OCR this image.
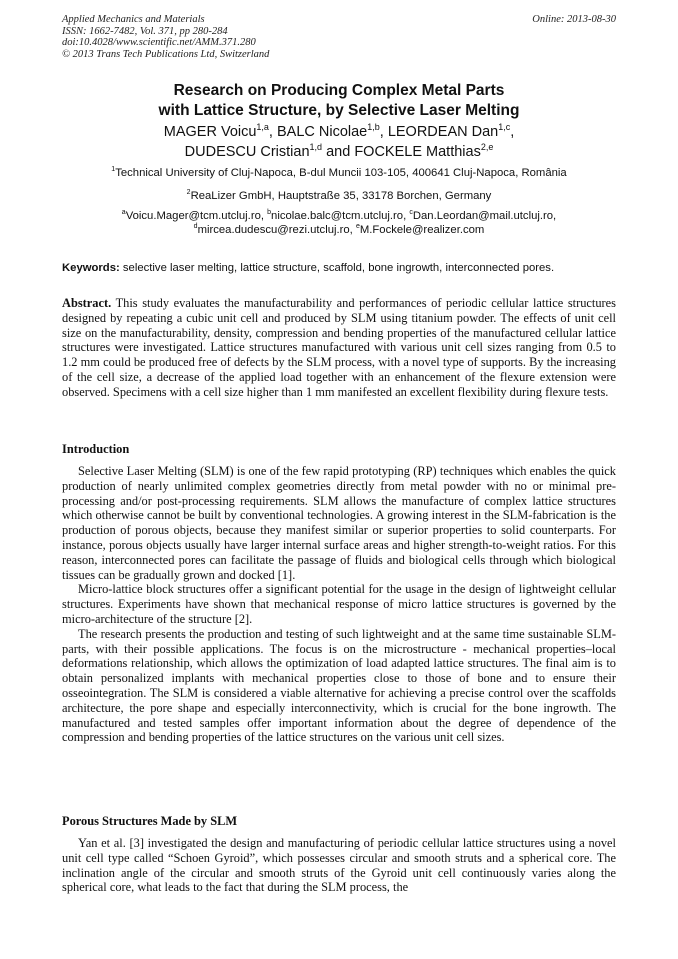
Applied Mechanics and Materials
ISSN: 1662-7482, Vol. 371, pp 280-284
doi:10.4028/www.scientific.net/AMM.371.280
© 2013 Trans Tech Publications Ltd, Switzerland
Online: 2013-08-30
Research on Producing Complex Metal Parts
with Lattice Structure, by Selective Laser Melting
MAGER Voicu$^{1,a}$, BALC Nicolae$^{1,b}$, LEORDEAN Dan$^{1,c}$,
DUDESCU Cristian$^{1,d}$ and FOCKELE Matthias$^{2,e}$
$^1$Technical University of Cluj-Napoca, B-dul Muncii 103-105, 400641 Cluj-Napoca, România
$^2$ReaLizer GmbH, Hauptstraße 35, 33178 Borchen, Germany
$^a$Voicu.Mager@tcm.utcluj.ro, $^b$nicolae.balc@tcm.utcluj.ro, $^c$Dan.Leordan@mail.utcluj.ro,
$^d$mircea.dudescu@rezi.utcluj.ro, $^e$M.Fockele@realizer.com
Keywords: selective laser melting, lattice structure, scaffold, bone ingrowth, interconnected pores.

Abstract. This study evaluates the manufacturability and performances of periodic cellular lattice structures designed by repeating a cubic unit cell and produced by SLM using titanium powder. The effects of unit cell size on the manufacturability, density, compression and bending properties of the manufactured cellular lattice structures were investigated. Lattice structures manufactured with various unit cell sizes ranging from 0.5 to 1.2 mm could be produced free of defects by the SLM process, with a novel type of supports. By the increasing of the cell size, a decrease of the applied load together with an enhancement of the flexure extension were observed. Specimens with a cell size higher than 1 mm manifested an excellent flexibility during flexure tests.

Introduction

Selective Laser Melting (SLM) is one of the few rapid prototyping (RP) techniques which enables the quick production of nearly unlimited complex geometries directly from metal powder with no or minimal pre-processing and/or post-processing requirements. SLM allows the manufacture of complex lattice structures which otherwise cannot be built by conventional technologies. A growing interest in the SLM-fabrication is the production of porous objects, because they manifest similar or superior properties to solid counterparts. For instance, porous objects usually have larger internal surface areas and higher strength-to-weight ratios. For this reason, interconnected pores can facilitate the passage of fluids and biological cells through which biological tissues can be gradually grown and docked [1].

Micro-lattice block structures offer a significant potential for the usage in the design of lightweight cellular structures. Experiments have shown that mechanical response of micro lattice structures is governed by the micro-architecture of the structure [2].

The research presents the production and testing of such lightweight and at the same time sustainable SLM-parts, with their possible applications. The focus is on the microstructure - mechanical properties–local deformations relationship, which allows the optimization of load adapted lattice structures. The final aim is to obtain personalized implants with mechanical properties close to those of bone and to ensure their osseointegration. The SLM is considered a viable alternative for achieving a precise control over the scaffolds architecture, the pore shape and especially interconnectivity, which is crucial for the bone ingrowth. The manufactured and tested samples offer important information about the degree of dependence of the compression and bending properties of the lattice structures on the various unit cell sizes.

Porous Structures Made by SLM

Yan et al. [3] investigated the design and manufacturing of periodic cellular lattice structures using a novel unit cell type called “Schoen Gyroid”, which possesses circular and smooth struts and a spherical core. The inclination angle of the circular and smooth struts of the Gyroid unit cell continuously varies along the spherical core, what leads to the fact that during the SLM process, the
